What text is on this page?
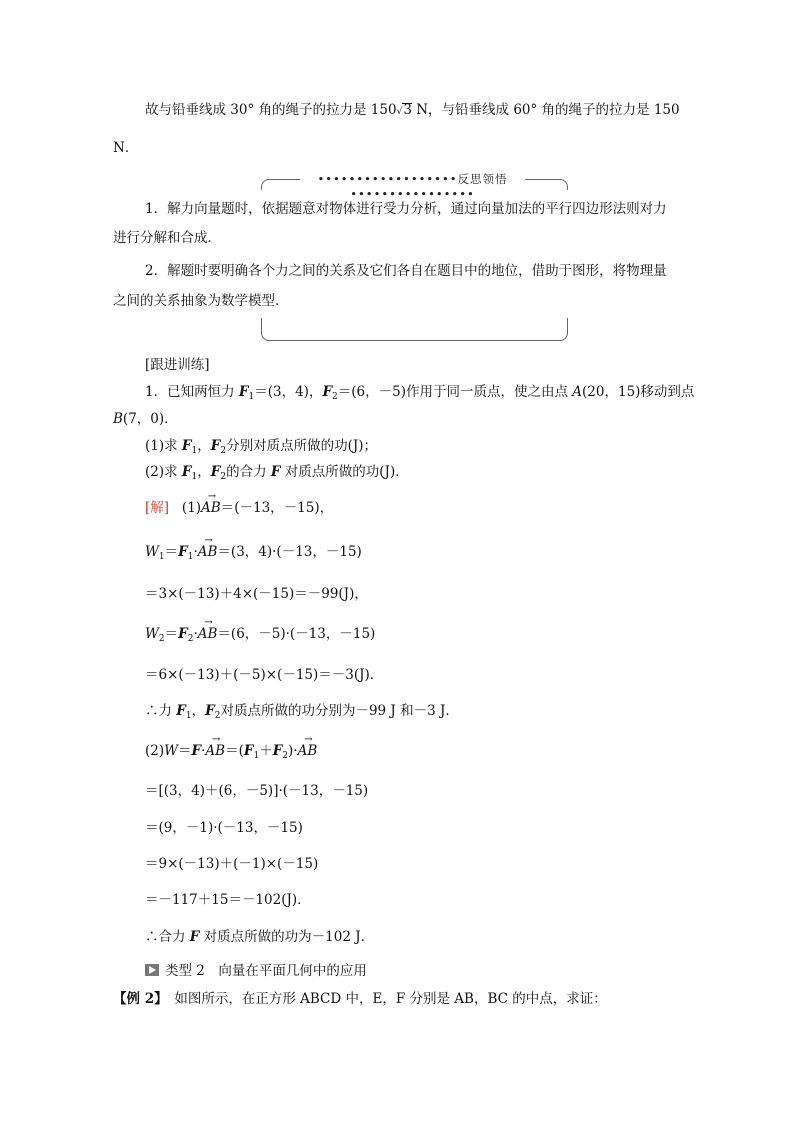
故与铅垂线成 30° 角的绳子的拉力是 150√3 N，与铅垂线成 60° 角的绳子的拉力是 150
N．
••••••••••••••••••反思领悟••••••••••••••••
1．解力向量题时，依据题意对物体进行受力分析，通过向量加法的平行四边形法则对力
进行分解和合成．
2．解题时要明确各个力之间的关系及它们各自在题目中的地位，借助于图形，将物理量
之间的关系抽象为数学模型．
[跟进训练]
1．已知两恒力 $F_1=(3$，4)，$F_2=(6$，－5)作用于同一质点，使之由点 A(20，15)移动到点
B(7，0)．
(1)求 $F_1$，$F_2$分别对质点所做的功(J)；
(2)求 $F_1$，$F_2$的合力 F 对质点所做的功(J)．
[解] (1)→ AB＝(－13，－15)，
$W_1=F_1\cdot\to AB=(3$，4)·(－13，－15)
＝3×(－13)＋4×(－15)＝－99(J)，
$W_2=F_2\cdot\to AB=(6$，－5)·(－13，－15)
＝6×(－13)＋(－5)×(－15)＝－3(J)．
∴力 $F_1$，$F_2$对质点所做的功分别为－99 J 和－3 J．
$(2)W=F\cdot\to AB=(F_1+F_2)\cdot\to$ AB
＝[(3，4)＋(6，－5)]·(－13，－15)
＝(9，－1)·(－13，－15)
＝9×(－13)＋(－1)×(－15)
＝－117＋15＝－102(J)．
∴合力 F 对质点所做的功为－102 J．
类型 2　向量在平面几何中的应用
【例 2】　如图所示，在正方形 ABCD 中，E，F 分别是 AB，BC 的中点，求证：
